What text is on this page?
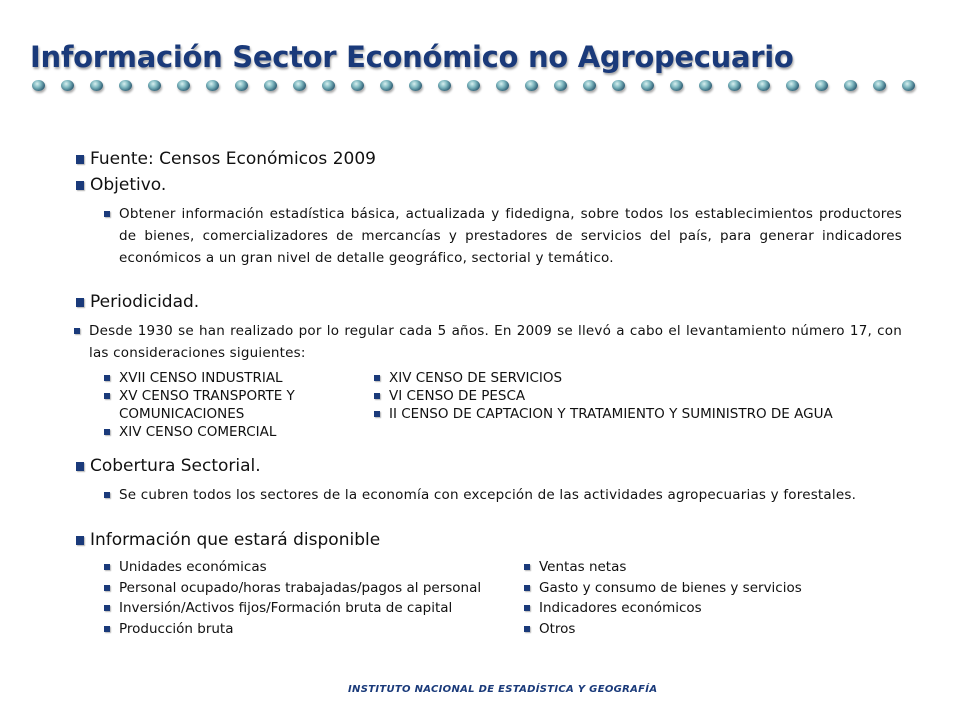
Información Sector Económico no Agropecuario
Fuente: Censos Económicos 2009
Objetivo.
Obtener información estadística básica, actualizada y fidedigna, sobre todos los establecimientos productores de bienes, comercializadores de mercancías y prestadores de servicios del país, para generar indicadores económicos a un gran nivel de detalle geográfico, sectorial y temático.
Periodicidad.
Desde 1930 se han realizado por lo regular cada 5 años. En 2009 se llevó a cabo el levantamiento número 17, con las consideraciones siguientes:
XVII CENSO INDUSTRIAL
XV CENSO TRANSPORTE Y COMUNICACIONES
XIV CENSO COMERCIAL
XIV CENSO DE SERVICIOS
VI CENSO DE PESCA
II CENSO DE CAPTACION Y TRATAMIENTO Y SUMINISTRO DE AGUA
Cobertura Sectorial.
Se cubren todos los sectores de la economía con excepción de las actividades agropecuarias y forestales.
Información que estará disponible
Unidades económicas
Personal ocupado/horas trabajadas/pagos al personal
Inversión/Activos fijos/Formación bruta de capital
Producción bruta
Ventas netas
Gasto y consumo de bienes y servicios
Indicadores económicos
Otros
INSTITUTO NACIONAL DE ESTADÍSTICA Y GEOGRAFÍA
